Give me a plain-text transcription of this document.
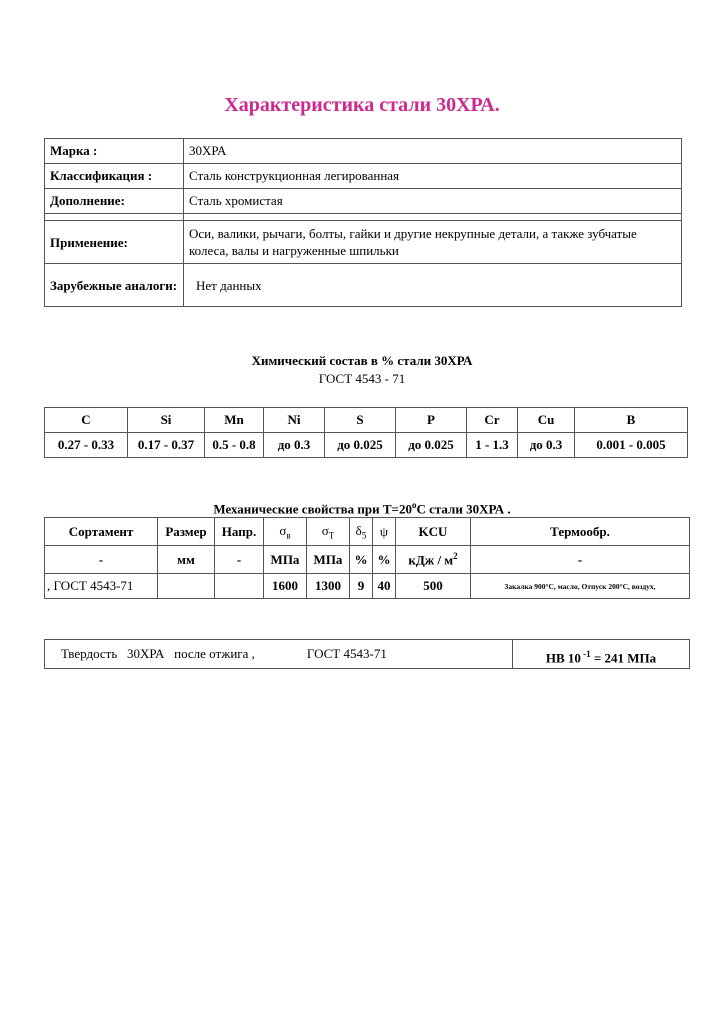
Характеристика стали 30ХРА.
Марка :	30ХРА
Классификация :	Сталь конструкционная легированная
Дополнение:	Сталь хромистая

Применение:	Оси, валики, рычаги, болты, гайки и другие некрупные детали, а также зубчатые колеса, валы и нагруженные шпильки
Зарубежные аналоги:	Нет данных
Химический состав в % стали 30ХРА
ГОСТ 4543 - 71
C	Si	Mn	Ni	S	P	Cr	Cu	B
0.27 - 0.33	0.17 - 0.37	0.5 - 0.8	до 0.3	до 0.025	до 0.025	1 - 1.3	до 0.3	0.001 - 0.005
Механические свойства при $Т=20^oС$ стали 30ХРА .
Сортамент	Размер	Напр.	$\sigma_в$	$\sigma_T$	$\delta_5$	ψ	KCU	Термообр.
-	мм	-	МПа	МПа	%	%	кДж / $м^2$	-
, ГОСТ 4543-71			1600	1300	9	40	500	Закалка 900°С, масло, Отпуск 200°С, воздух,
Твердость   30ХРА   после отжига ,                ГОСТ 4543-71	HB 10 $^{-1}$ = 241 МПа
